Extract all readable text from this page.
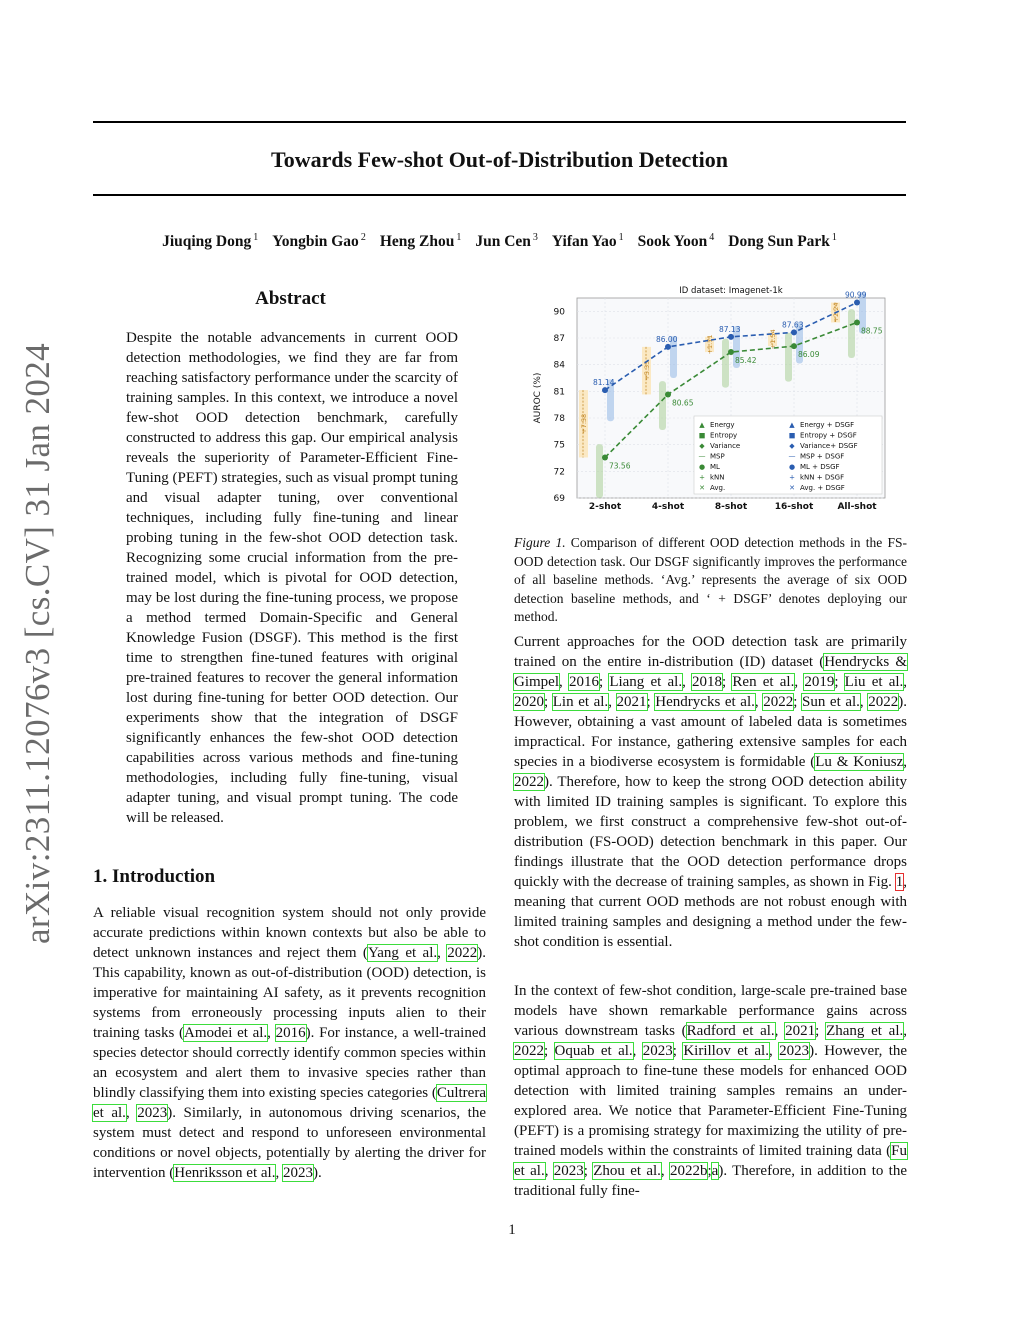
Towards Few-shot Out-of-Distribution Detection
Jiuqing Dong $^1$ Yongbin Gao $^2$ Heng Zhou $^1$ Jun Cen $^3$ Yifan Yao $^1$ Sook Yoon $^4$ Dong Sun Park $^1$
arXiv:2311.12076v3 [cs.CV] 31 Jan 2024
Abstract

Despite the notable advancements in current OOD detection methodologies, we find they are far from reaching satisfactory performance under the scarcity of training samples. In this context, we introduce a novel few-shot OOD detection benchmark, carefully constructed to address this gap. Our empirical analysis reveals the superiority of Parameter-Efficient Fine-Tuning (PEFT) strategies, such as visual prompt tuning and visual adapter tuning, over conventional techniques, including fully fine-tuning and linear probing tuning in the few-shot OOD detection task. Recognizing some crucial information from the pre-trained model, which is pivotal for OOD detection, may be lost during the fine-tuning process, we propose a method termed Domain-Specific and General Knowledge Fusion (DSGF). This method is the first time to strengthen fine-tuned features with original pre-trained features to recover the general information lost during fine-tuning for better OOD detection. Our experiments show that the integration of DSGF significantly enhances the few-shot OOD detection capabilities across various methods and fine-tuning methodologies, including fully fine-tuning, visual adapter tuning, and visual prompt tuning. The code will be released.

1. Introduction

A reliable visual recognition system should not only provide accurate predictions within known contexts but also be able to detect unknown instances and reject them (Yang et al., 2022). This capability, known as out-of-distribution (OOD) detection, is imperative for maintaining AI safety, as it prevents recognition systems from erroneously processing inputs alien to their training tasks (Amodei et al., 2016). For instance, a well-trained species detector should correctly identify common species within an ecosystem and alert them to invasive species rather than blindly classifying them into existing species categories (Cultrera et al., 2023). Similarly, in autonomous driving scenarios, the system must detect and respond to unforeseen environmental conditions or novel objects, potentially by alerting the driver for intervention (Henriksson et al., 2023).

ID dataset: Imagenet-1k
AUROC (%)
69
72
75
78
81
84
87
90
2-shot	4-shot	8-shot	16-shot	All-shot
+7.58
+5.35
+1.71	+1.54
+2.24
73.56
80.65
85.42
86.09
88.75
81.14
86.00
87.13	87.63
90.99
▲ Energy
■ Entropy
◆ Variance
— MSP
● ML
+ kNN
✕ Avg.
▲ Energy + DSGF
■ Entropy + DSGF
◆ Variance+ DSGF
— MSP + DSGF
● ML + DSGF
+ kNN + DSGF
✕ Avg. + DSGF

Figure 1. Comparison of different OOD detection methods in the FS-OOD detection task. Our DSGF significantly improves the performance of all baseline methods. ‘Avg.’ represents the average of six OOD detection baseline methods, and ‘ + DSGF’ denotes deploying our method.

Current approaches for the OOD detection task are primarily trained on the entire in-distribution (ID) dataset (Hendrycks & Gimpel, 2016; Liang et al., 2018; Ren et al., 2019; Liu et al., 2020; Lin et al., 2021; Hendrycks et al., 2022; Sun et al., 2022). However, obtaining a vast amount of labeled data is sometimes impractical. For instance, gathering extensive samples for each species in a biodiverse ecosystem is formidable (Lu & Koniusz, 2022). Therefore, how to keep the strong OOD detection ability with limited ID training samples is significant. To explore this problem, we first construct a comprehensive few-shot out-of-distribution (FS-OOD) detection benchmark in this paper. Our findings illustrate that the OOD detection performance drops quickly with the decrease of training samples, as shown in Fig. 1, meaning that current OOD methods are not robust enough with limited training samples and designing a method under the few-shot condition is essential.

In the context of few-shot condition, large-scale pre-trained base models have shown remarkable performance gains across various downstream tasks (Radford et al., 2021; Zhang et al., 2022; Oquab et al., 2023; Kirillov et al., 2023). However, the optimal approach to fine-tune these models for enhanced OOD detection with limited training samples remains an under-explored area. We notice that Parameter-Efficient Fine-Tuning (PEFT) is a promising strategy for maximizing the utility of pre-trained models within the constraints of limited training data (Fu et al., 2023; Zhou et al., 2022b;a). Therefore, in addition to the traditional fully fine-

1
